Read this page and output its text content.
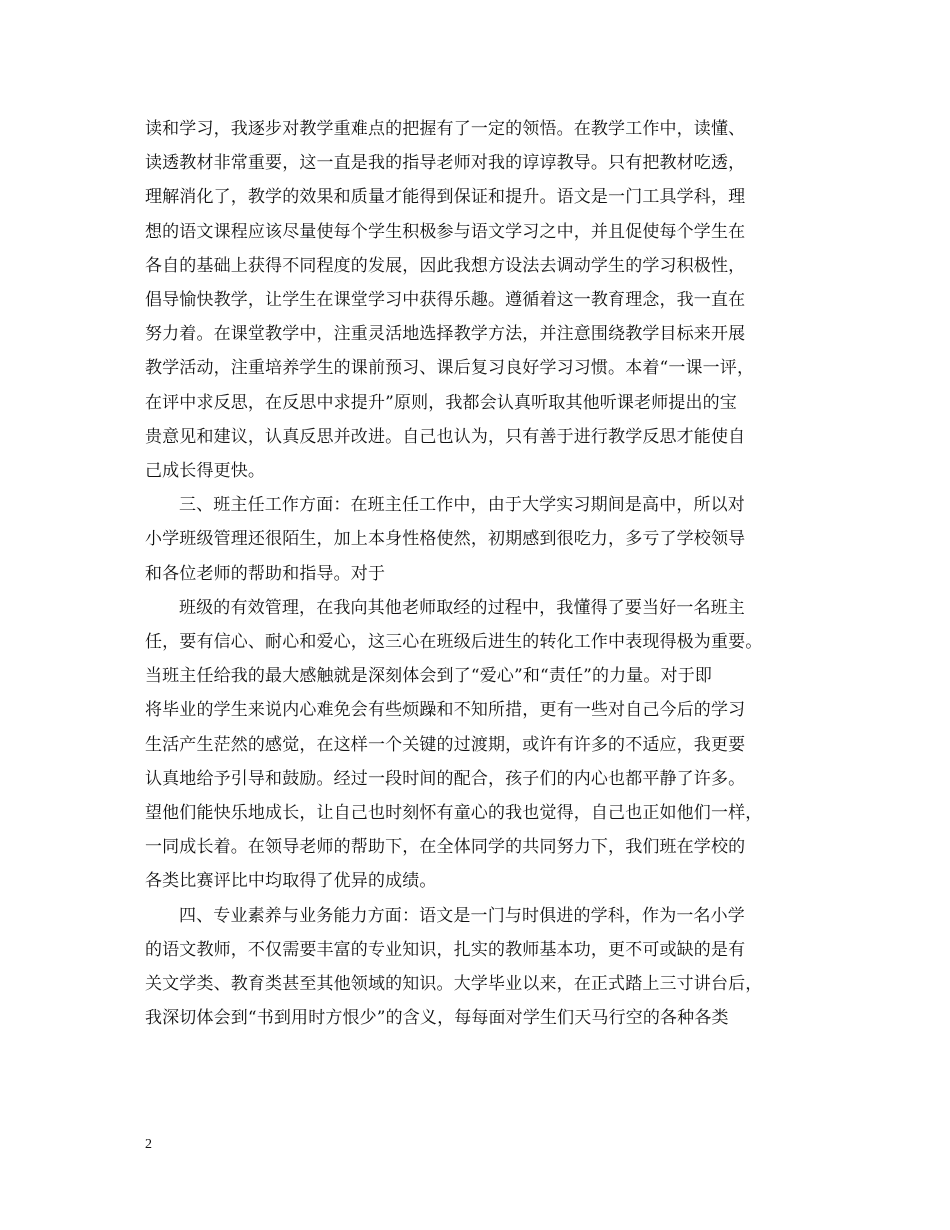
读和学习，我逐步对教学重难点的把握有了一定的领悟。在教学工作中，读懂、
读透教材非常重要，这一直是我的指导老师对我的谆谆教导。只有把教材吃透，
理解消化了，教学的效果和质量才能得到保证和提升。语文是一门工具学科，理
想的语文课程应该尽量使每个学生积极参与语文学习之中，并且促使每个学生在
各自的基础上获得不同程度的发展，因此我想方设法去调动学生的学习积极性，
倡导愉快教学，让学生在课堂学习中获得乐趣。遵循着这一教育理念，我一直在
努力着。在课堂教学中，注重灵活地选择教学方法，并注意围绕教学目标来开展
教学活动，注重培养学生的课前预习、课后复习良好学习习惯。本着“一课一评，
在评中求反思，在反思中求提升”原则，我都会认真听取其他听课老师提出的宝
贵意见和建议，认真反思并改进。自己也认为，只有善于进行教学反思才能使自
己成长得更快。

三、班主任工作方面：在班主任工作中，由于大学实习期间是高中，所以对
小学班级管理还很陌生，加上本身性格使然，初期感到很吃力，多亏了学校领导
和各位老师的帮助和指导。对于

班级的有效管理，在我向其他老师取经的过程中，我懂得了要当好一名班主
任，要有信心、耐心和爱心，这三心在班级后进生的转化工作中表现得极为重要。
当班主任给我的最大感触就是深刻体会到了“爱心”和“责任”的力量。对于即
将毕业的学生来说内心难免会有些烦躁和不知所措，更有一些对自己今后的学习
生活产生茫然的感觉，在这样一个关键的过渡期，或许有许多的不适应，我更要
认真地给予引导和鼓励。经过一段时间的配合，孩子们的内心也都平静了许多。
望他们能快乐地成长，让自己也时刻怀有童心的我也觉得，自己也正如他们一样，
一同成长着。在领导老师的帮助下，在全体同学的共同努力下，我们班在学校的
各类比赛评比中均取得了优异的成绩。

四、专业素养与业务能力方面：语文是一门与时俱进的学科，作为一名小学
的语文教师，不仅需要丰富的专业知识，扎实的教师基本功，更不可或缺的是有
关文学类、教育类甚至其他领域的知识。大学毕业以来，在正式踏上三寸讲台后，
我深切体会到“书到用时方恨少”的含义，每每面对学生们天马行空的各种各类

2
